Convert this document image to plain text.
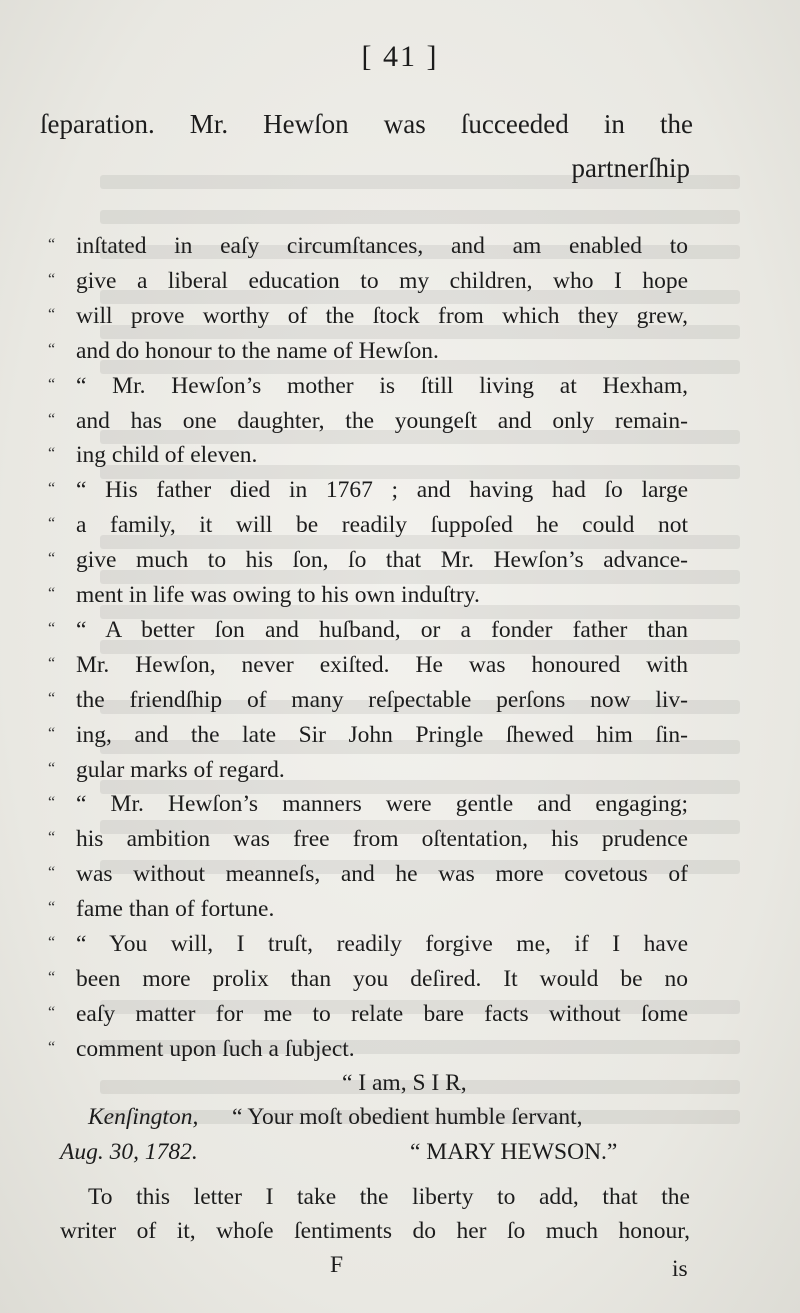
[ 41 ]
ſeparation. Mr. Hewſon was ſucceeded in the
partnerſhip
“ inſtated in eaſy circumſtances, and am enabled to
“ give a liberal education to my children, who I hope
“ will prove worthy of the ſtock from which they grew,
“ and do honour to the name of Hewſon.
“ “ Mr. Hewſon’s mother is ſtill living at Hexham,
“ and has one daughter, the youngeſt and only remain-
“ ing child of eleven.
“ “ His father died in 1767 ; and having had ſo large
“ a family, it will be readily ſuppoſed he could not
“ give much to his ſon, ſo that Mr. Hewſon’s advance-
“ ment in life was owing to his own induſtry.
“ “ A better ſon and huſband, or a fonder father than
“ Mr. Hewſon, never exiſted. He was honoured with
“ the friendſhip of many reſpectable perſons now liv-
“ ing, and the late Sir John Pringle ſhewed him ſin-
“ gular marks of regard.
“ “ Mr. Hewſon’s manners were gentle and engaging;
“ his ambition was free from oſtentation, his prudence
“ was without meanneſs, and he was more covetous of
“ fame than of fortune.
“ “ You will, I truſt, readily forgive me, if I have
“ been more prolix than you deſired. It would be no
“ eaſy matter for me to relate bare facts without ſome
“ comment upon ſuch a ſubject.
“ I am, S I R,
Kenſington, “ Your moſt obedient humble ſervant,
Aug. 30, 1782.	“ MARY HEWSON.”
To this letter I take the liberty to add, that the
writer of it, whoſe ſentiments do her ſo much honour,
F	is
